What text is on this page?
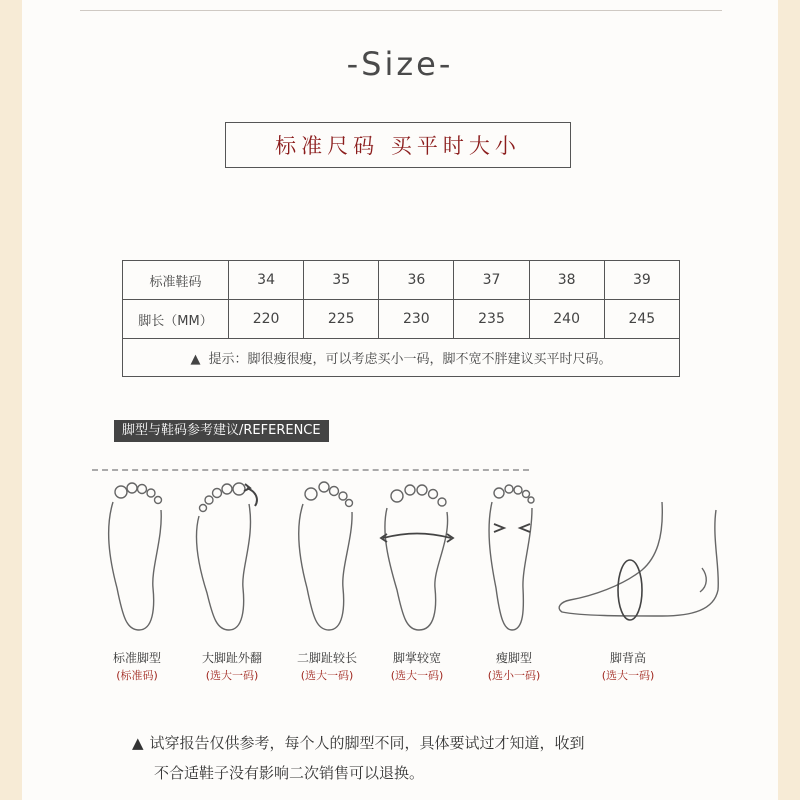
-Size-
标准尺码 买平时大小
标准鞋码	34	35	36	37	38	39
脚长（MM）	220	225	230	235	240	245
▲ 提示：脚很瘦很瘦，可以考虑买小一码，脚不宽不胖建议买平时尺码。						
脚型与鞋码参考建议/REFERENCE
标准脚型
(标准码)
大脚趾外翻
(选大一码)
二脚趾较长
(选大一码)
脚掌较宽
(选大一码)
瘦脚型
(选小一码)
脚背高
(选大一码)
▲ 试穿报告仅供参考，每个人的脚型不同，具体要试过才知道，收到
不合适鞋子没有影响二次销售可以退换。
